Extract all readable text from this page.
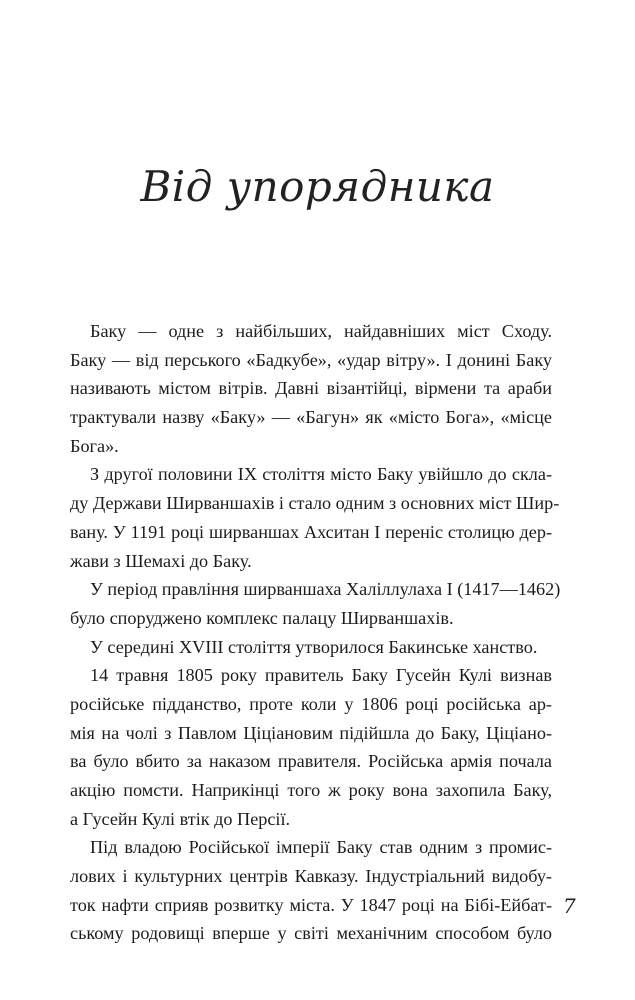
Від упорядника
Баку — одне з найбільших, найдавніших міст Сходу.
Баку — від перського «Бадкубе», «удар вітру». І донині Баку
називають містом вітрів. Давні візантійці, вірмени та араби
трактували назву «Баку» — «Багун» як «місто Бога», «місце
Бога».
З другої половини IX століття місто Баку увійшло до скла-
ду Держави Ширваншахів і стало одним з основних міст Шир-
вану. У 1191 році ширваншах Ахситан I переніс столицю дер-
жави з Шемахі до Баку.
У період правління ширваншаха Халіллулаха I (1417—1462)
було споруджено комплекс палацу Ширваншахів.
У середині XVIII століття утворилося Бакинське ханство.
14 травня 1805 року правитель Баку Гусейн Кулі визнав
російське підданство, проте коли у 1806 році російська ар-
мія на чолі з Павлом Ціціановим підійшла до Баку, Ціціано-
ва було вбито за наказом правителя. Російська армія почала
акцію помсти. Наприкінці того ж року вона захопила Баку,
а Гусейн Кулі втік до Персії.
Під владою Російської імперії Баку став одним з промис-
лових і культурних центрів Кавказу. Індустріальний видобу-
ток нафти сприяв розвитку міста. У 1847 році на Бібі-Ейбат-
ському родовищі вперше у світі механічним способом було
7
